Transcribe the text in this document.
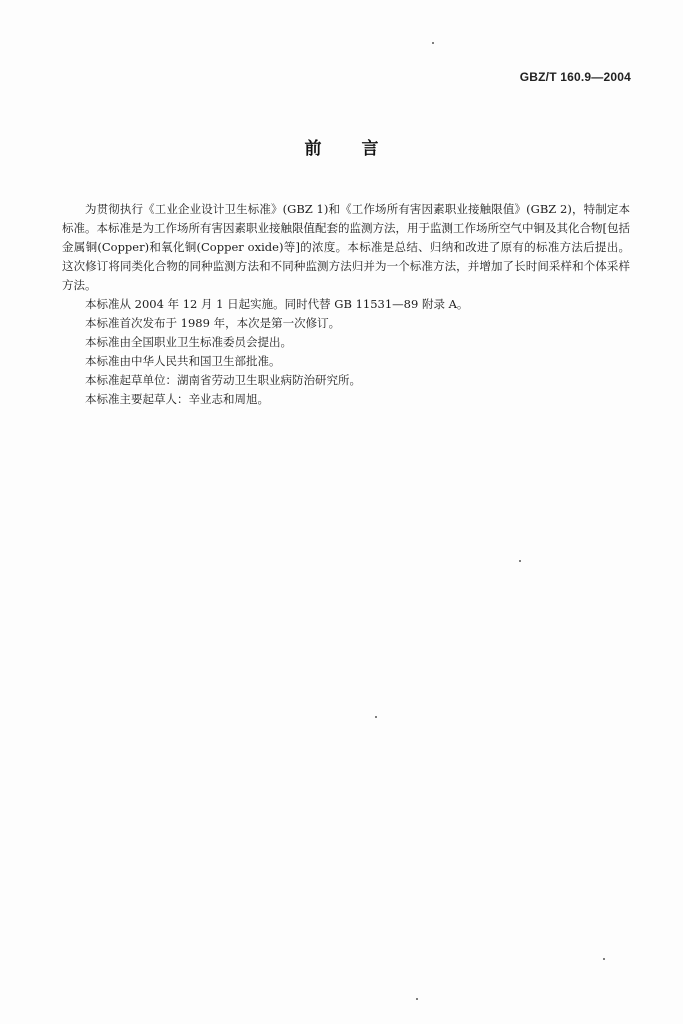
GBZ/T 160.9—2004
前言

为贯彻执行《工业企业设计卫生标准》(GBZ 1)和《工作场所有害因素职业接触限值》(GBZ 2)，特制定本标准。本标准是为工作场所有害因素职业接触限值配套的监测方法，用于监测工作场所空气中铜及其化合物[包括金属铜(Copper)和氧化铜(Copper oxide)等]的浓度。本标准是总结、归纳和改进了原有的标准方法后提出。这次修订将同类化合物的同种监测方法和不同种监测方法归并为一个标准方法，并增加了长时间采样和个体采样方法。

本标准从 2004 年 12 月 1 日起实施。同时代替 GB 11531—89 附录 A。

本标准首次发布于 1989 年，本次是第一次修订。

本标准由全国职业卫生标准委员会提出。

本标准由中华人民共和国卫生部批准。

本标准起草单位：湖南省劳动卫生职业病防治研究所。

本标准主要起草人：辛业志和周旭。
